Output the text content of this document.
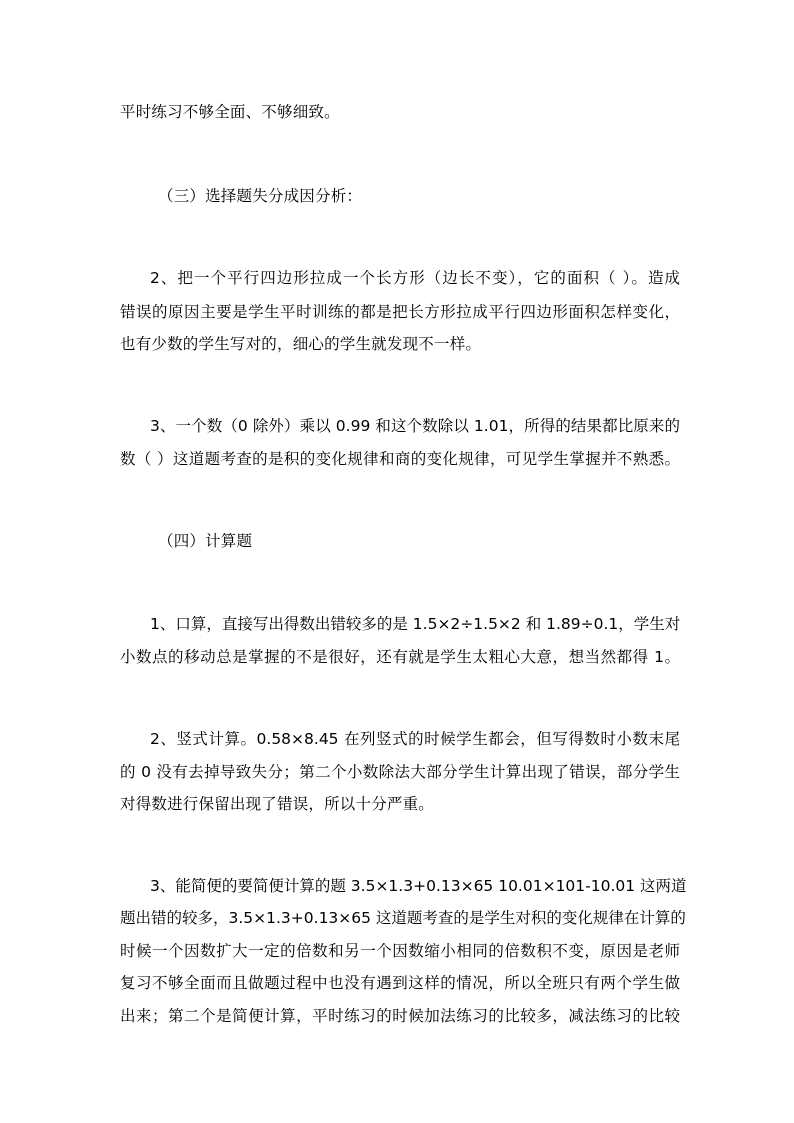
平时练习不够全面、不够细致。
（三）选择题失分成因分析：
2、把一个平行四边形拉成一个长方形（边长不变），它的面积（ ）。造成
错误的原因主要是学生平时训练的都是把长方形拉成平行四边形面积怎样变化，
也有少数的学生写对的，细心的学生就发现不一样。
3、一个数（0 除外）乘以 0.99 和这个数除以 1.01，所得的结果都比原来的
数（ ）这道题考查的是积的变化规律和商的变化规律，可见学生掌握并不熟悉。
（四）计算题
1、口算，直接写出得数出错较多的是 1.5×2÷1.5×2 和 1.89÷0.1，学生对
小数点的移动总是掌握的不是很好，还有就是学生太粗心大意，想当然都得 1。
2、竖式计算。0.58×8.45 在列竖式的时候学生都会，但写得数时小数末尾
的 0 没有去掉导致失分；第二个小数除法大部分学生计算出现了错误，部分学生
对得数进行保留出现了错误，所以十分严重。
3、能简便的要简便计算的题 3.5×1.3+0.13×65 10.01×101-10.01 这两道
题出错的较多，3.5×1.3+0.13×65 这道题考查的是学生对积的变化规律在计算的
时候一个因数扩大一定的倍数和另一个因数缩小相同的倍数积不变，原因是老师
复习不够全面而且做题过程中也没有遇到这样的情况，所以全班只有两个学生做
出来；第二个是简便计算，平时练习的时候加法练习的比较多，减法练习的比较
